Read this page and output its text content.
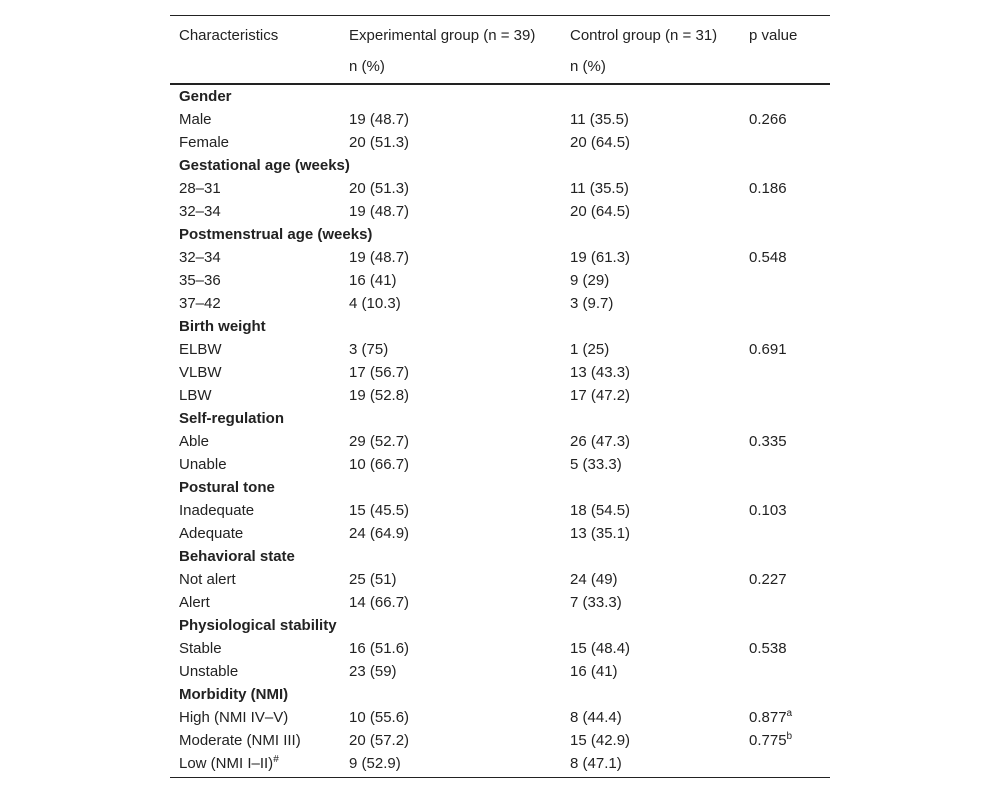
Characteristics	Experimental group (n = 39)	Control group (n = 31)	p value
	n (%)	n (%)	
Gender			
Male	19 (48.7)	11 (35.5)	0.266
Female	20 (51.3)	20 (64.5)	
Gestational age (weeks)			
28–31	20 (51.3)	11 (35.5)	0.186
32–34	19 (48.7)	20 (64.5)	
Postmenstrual age (weeks)			
32–34	19 (48.7)	19 (61.3)	0.548
35–36	16 (41)	9 (29)	
37–42	4 (10.3)	3 (9.7)	
Birth weight			
ELBW	3 (75)	1 (25)	0.691
VLBW	17 (56.7)	13 (43.3)	
LBW	19 (52.8)	17 (47.2)	
Self-regulation			
Able	29 (52.7)	26 (47.3)	0.335
Unable	10 (66.7)	5 (33.3)	
Postural tone			
Inadequate	15 (45.5)	18 (54.5)	0.103
Adequate	24 (64.9)	13 (35.1)	
Behavioral state			
Not alert	25 (51)	24 (49)	0.227
Alert	14 (66.7)	7 (33.3)	
Physiological stability			
Stable	16 (51.6)	15 (48.4)	0.538
Unstable	23 (59)	16 (41)	
Morbidity (NMI)			
High (NMI IV–V)	10 (55.6)	8 (44.4)	0.877$^a$
Moderate (NMI III)	20 (57.2)	15 (42.9)	0.775$^b$
Low (NMI I–II)#	9 (52.9)	8 (47.1)	
